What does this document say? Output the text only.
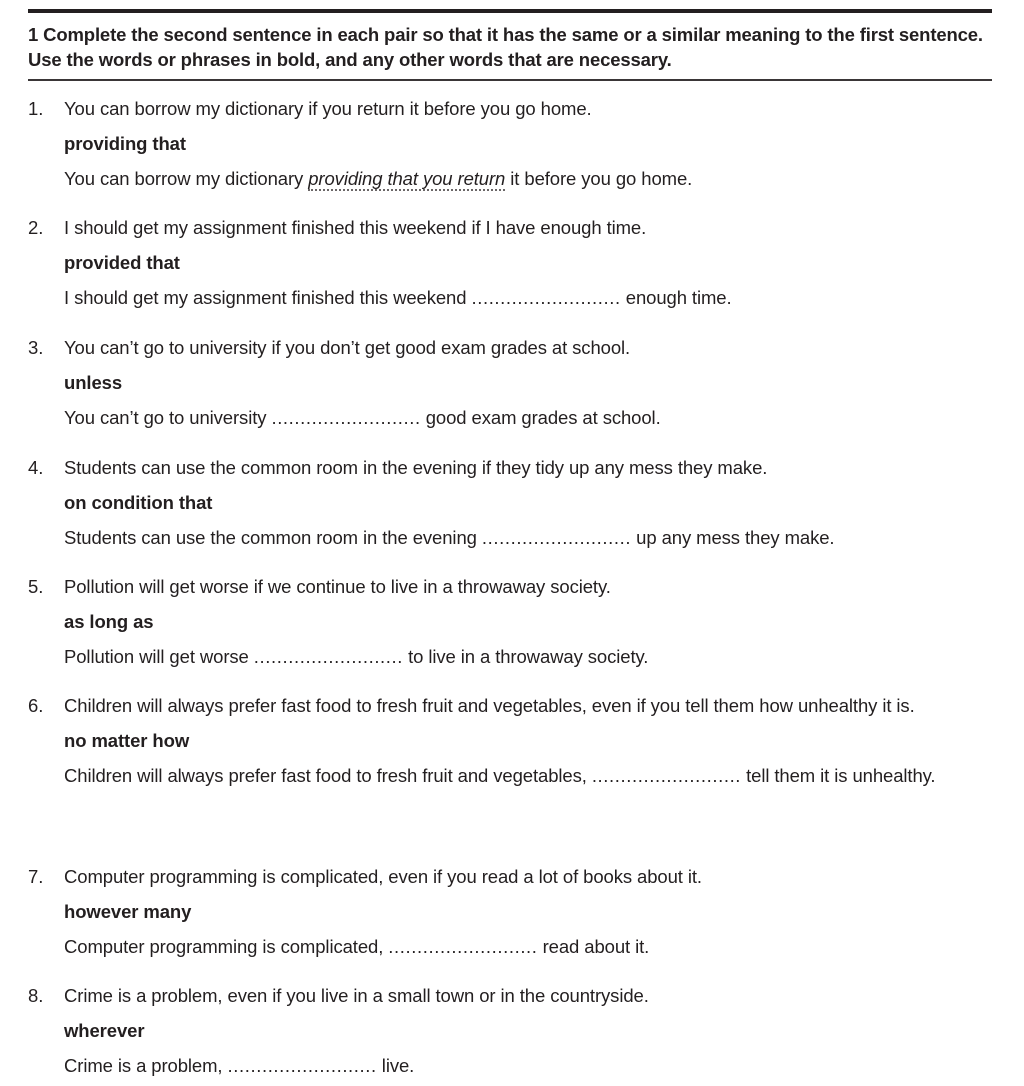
1 Complete the second sentence in each pair so that it has the same or a similar meaning to the first sentence. Use the words or phrases in bold, and any other words that are necessary.
1.	You can borrow my dictionary if you return it before you go home.
providing that
You can borrow my dictionary providing that you return it before you go home.
2.	I should get my assignment finished this weekend if I have enough time.
provided that
I should get my assignment finished this weekend .......................... enough time.
3.	You can’t go to university if you don’t get good exam grades at school.
unless
You can’t go to university .......................... good exam grades at school.
4.	Students can use the common room in the evening if they tidy up any mess they make.
on condition that
Students can use the common room in the evening .......................... up any mess they make.
5.	Pollution will get worse if we continue to live in a throwaway society.
as long as
Pollution will get worse .......................... to live in a throwaway society.
6.	Children will always prefer fast food to fresh fruit and vegetables, even if you tell them how unhealthy it is.
no matter how
Children will always prefer fast food to fresh fruit and vegetables, .......................... tell them it is unhealthy.
7.	Computer programming is complicated, even if you read a lot of books about it.
however many
Computer programming is complicated, .......................... read about it.
8.	Crime is a problem, even if you live in a small town or in the countryside.
wherever
Crime is a problem, .......................... live.
